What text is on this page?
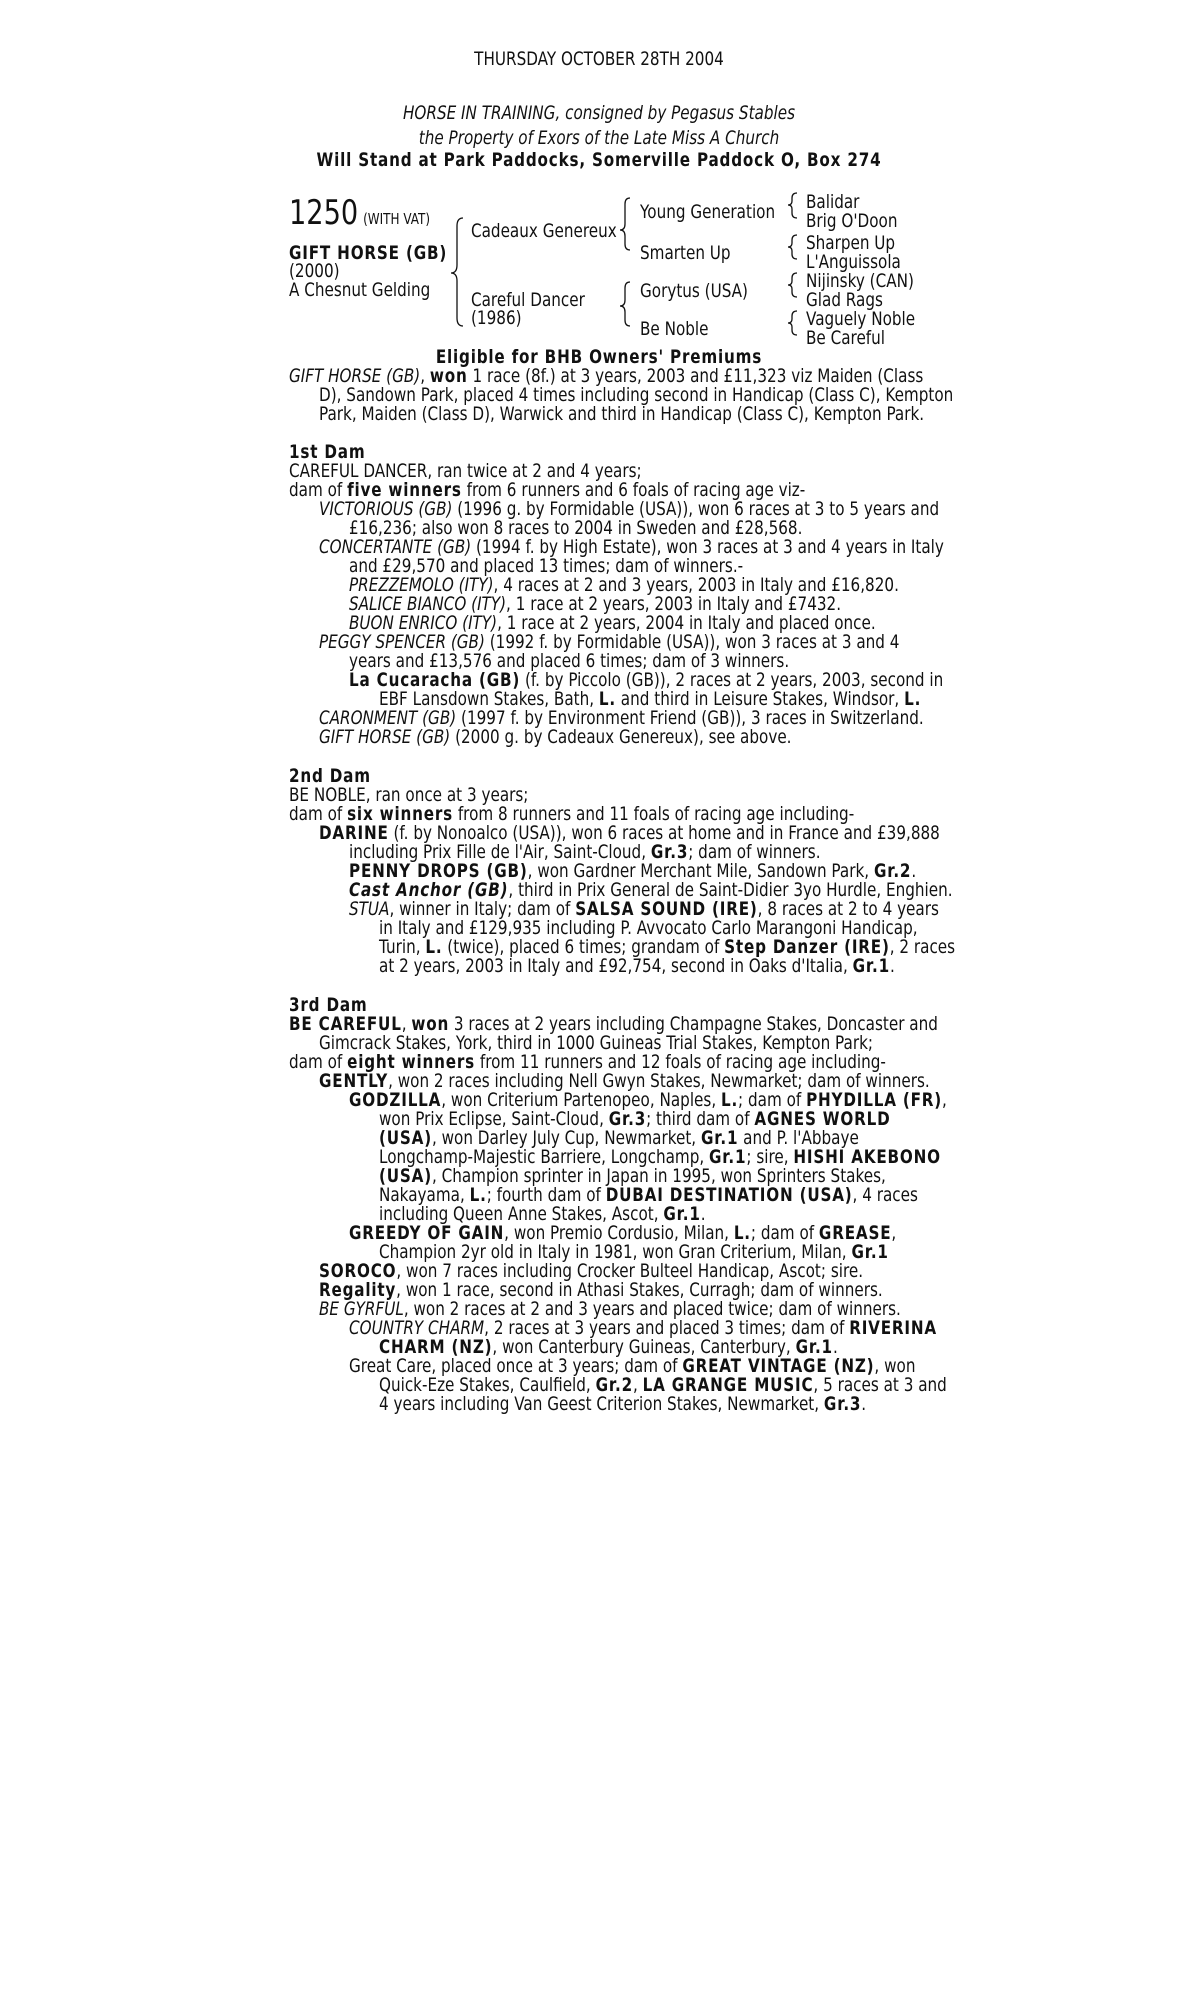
THURSDAY OCTOBER 28TH 2004
HORSE IN TRAINING, consigned by Pegasus Stables
the Property of Exors of the Late Miss A Church
Will Stand at Park Paddocks, Somerville Paddock O, Box 274
1250 (WITH VAT)
GIFT HORSE (GB)
(2000)
A Chesnut Gelding
Cadeaux Genereux
Careful Dancer
(1986)
Young Generation
Smarten Up
Gorytus (USA)
Be Noble
Balidar
Brig O'Doon
Sharpen Up
L'Anguissola
Nijinsky (CAN)
Glad Rags
Vaguely Noble
Be Careful
Eligible for BHB Owners' Premiums
GIFT HORSE (GB), won 1 race (8f.) at 3 years, 2003 and £11,323 viz Maiden (Class
D), Sandown Park, placed 4 times including second in Handicap (Class C), Kempton
Park, Maiden (Class D), Warwick and third in Handicap (Class C), Kempton Park.
1st Dam
CAREFUL DANCER, ran twice at 2 and 4 years;
dam of five winners from 6 runners and 6 foals of racing age viz-
VICTORIOUS (GB) (1996 g. by Formidable (USA)), won 6 races at 3 to 5 years and
£16,236; also won 8 races to 2004 in Sweden and £28,568.
CONCERTANTE (GB) (1994 f. by High Estate), won 3 races at 3 and 4 years in Italy
and £29,570 and placed 13 times; dam of winners.-
PREZZEMOLO (ITY), 4 races at 2 and 3 years, 2003 in Italy and £16,820.
SALICE BIANCO (ITY), 1 race at 2 years, 2003 in Italy and £7432.
BUON ENRICO (ITY), 1 race at 2 years, 2004 in Italy and placed once.
PEGGY SPENCER (GB) (1992 f. by Formidable (USA)), won 3 races at 3 and 4
years and £13,576 and placed 6 times; dam of 3 winners.
La Cucaracha (GB) (f. by Piccolo (GB)), 2 races at 2 years, 2003, second in
EBF Lansdown Stakes, Bath, L. and third in Leisure Stakes, Windsor, L.
CARONMENT (GB) (1997 f. by Environment Friend (GB)), 3 races in Switzerland.
GIFT HORSE (GB) (2000 g. by Cadeaux Genereux), see above.
2nd Dam
BE NOBLE, ran once at 3 years;
dam of six winners from 8 runners and 11 foals of racing age including-
DARINE (f. by Nonoalco (USA)), won 6 races at home and in France and £39,888
including Prix Fille de l'Air, Saint-Cloud, Gr.3; dam of winners.
PENNY DROPS (GB), won Gardner Merchant Mile, Sandown Park, Gr.2.
Cast Anchor (GB), third in Prix General de Saint-Didier 3yo Hurdle, Enghien.
STUA, winner in Italy; dam of SALSA SOUND (IRE), 8 races at 2 to 4 years
in Italy and £129,935 including P. Avvocato Carlo Marangoni Handicap,
Turin, L. (twice), placed 6 times; grandam of Step Danzer (IRE), 2 races
at 2 years, 2003 in Italy and £92,754, second in Oaks d'Italia, Gr.1.
3rd Dam
BE CAREFUL, won 3 races at 2 years including Champagne Stakes, Doncaster and
Gimcrack Stakes, York, third in 1000 Guineas Trial Stakes, Kempton Park;
dam of eight winners from 11 runners and 12 foals of racing age including-
GENTLY, won 2 races including Nell Gwyn Stakes, Newmarket; dam of winners.
GODZILLA, won Criterium Partenopeo, Naples, L.; dam of PHYDILLA (FR),
won Prix Eclipse, Saint-Cloud, Gr.3; third dam of AGNES WORLD
(USA), won Darley July Cup, Newmarket, Gr.1 and P. l'Abbaye
Longchamp-Majestic Barriere, Longchamp, Gr.1; sire, HISHI AKEBONO
(USA), Champion sprinter in Japan in 1995, won Sprinters Stakes,
Nakayama, L.; fourth dam of DUBAI DESTINATION (USA), 4 races
including Queen Anne Stakes, Ascot, Gr.1.
GREEDY OF GAIN, won Premio Cordusio, Milan, L.; dam of GREASE,
Champion 2yr old in Italy in 1981, won Gran Criterium, Milan, Gr.1
SOROCO, won 7 races including Crocker Bulteel Handicap, Ascot; sire.
Regality, won 1 race, second in Athasi Stakes, Curragh; dam of winners.
BE GYRFUL, won 2 races at 2 and 3 years and placed twice; dam of winners.
COUNTRY CHARM, 2 races at 3 years and placed 3 times; dam of RIVERINA
CHARM (NZ), won Canterbury Guineas, Canterbury, Gr.1.
Great Care, placed once at 3 years; dam of GREAT VINTAGE (NZ), won
Quick-Eze Stakes, Caulfield, Gr.2, LA GRANGE MUSIC, 5 races at 3 and
4 years including Van Geest Criterion Stakes, Newmarket, Gr.3.
